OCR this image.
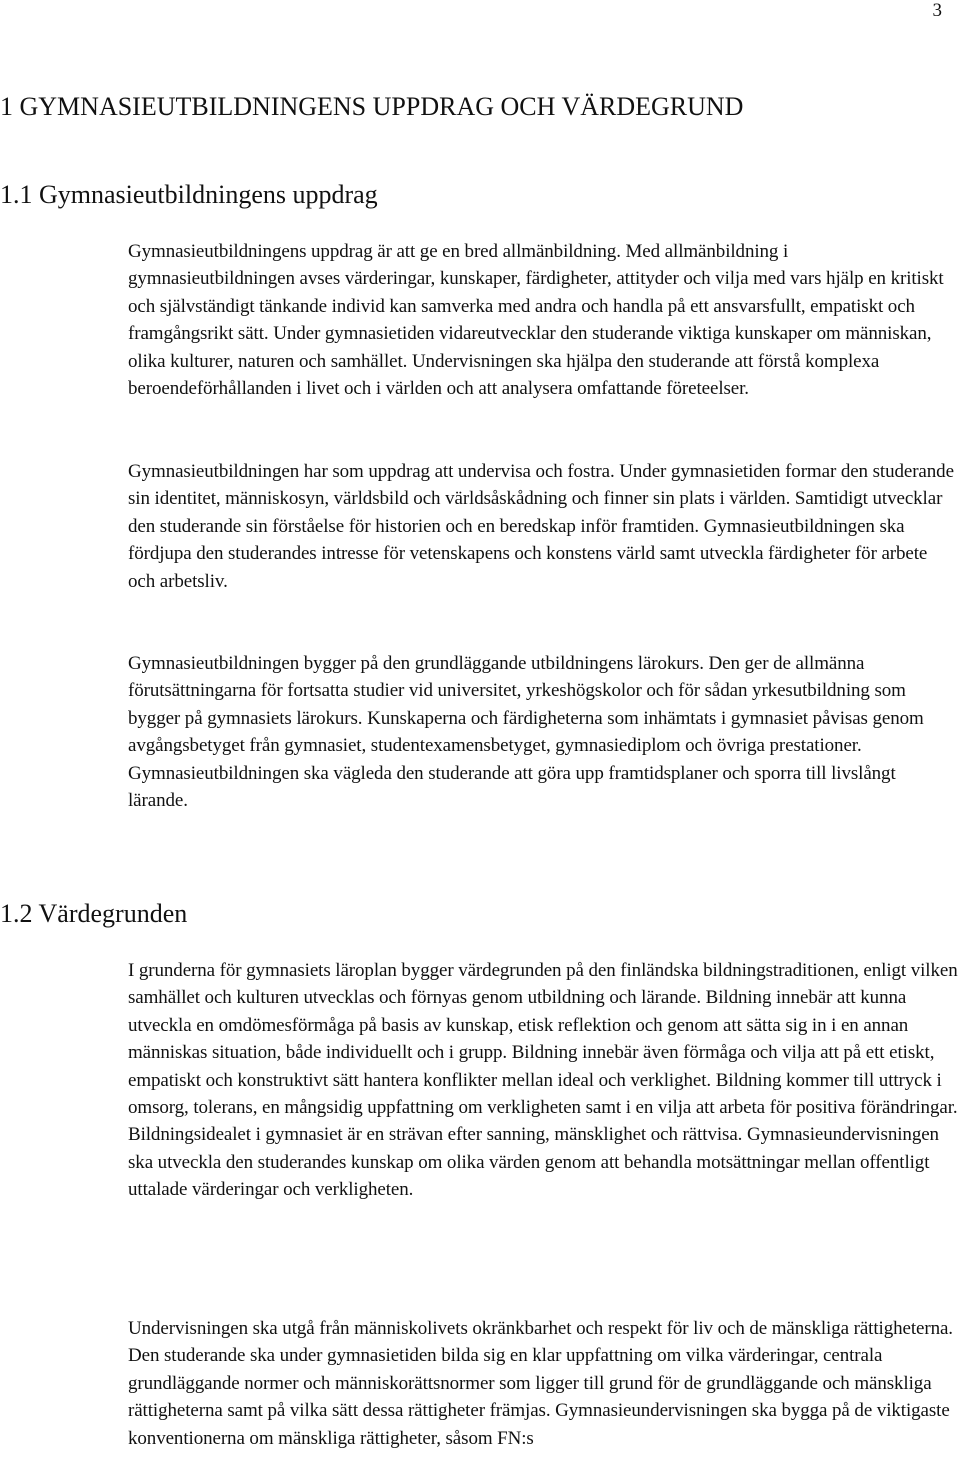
3
1 GYMNASIEUTBILDNINGENS UPPDRAG OCH VÄRDEGRUND
1.1 Gymnasieutbildningens uppdrag

Gymnasieutbildningens uppdrag är att ge en bred allmänbildning. Med allmänbildning i gymnasieutbildningen avses värderingar, kunskaper, färdigheter, attityder och vilja med vars hjälp en kritiskt och självständigt tänkande individ kan samverka med andra och handla på ett ansvarsfullt, empatiskt och framgångsrikt sätt. Under gymnasietiden vidareutvecklar den studerande viktiga kunskaper om människan, olika kulturer, naturen och samhället. Undervisningen ska hjälpa den studerande att förstå komplexa beroendeförhållanden i livet och i världen och att analysera omfattande företeelser.

Gymnasieutbildningen har som uppdrag att undervisa och fostra. Under gymnasietiden formar den studerande sin identitet, människosyn, världsbild och världsåskådning och finner sin plats i världen. Samtidigt utvecklar den studerande sin förståelse för historien och en beredskap inför framtiden. Gymnasieutbildningen ska fördjupa den studerandes intresse för vetenskapens och konstens värld samt utveckla färdigheter för arbete och arbetsliv.

Gymnasieutbildningen bygger på den grundläggande utbildningens lärokurs. Den ger de allmänna förutsättningarna för fortsatta studier vid universitet, yrkeshögskolor och för sådan yrkesutbildning som bygger på gymnasiets lärokurs. Kunskaperna och färdigheterna som inhämtats i gymnasiet påvisas genom avgångsbetyget från gymnasiet, studentexamensbetyget, gymnasiediplom och övriga prestationer. Gymnasieutbildningen ska vägleda den studerande att göra upp framtidsplaner och sporra till livslångt lärande.

1.2 Värdegrunden

I grunderna för gymnasiets läroplan bygger värdegrunden på den finländska bildningstraditionen, enligt vilken samhället och kulturen utvecklas och förnyas genom utbildning och lärande. Bildning innebär att kunna utveckla en omdömesförmåga på basis av kunskap, etisk reflektion och genom att sätta sig in i en annan människas situation, både individuellt och i grupp. Bildning innebär även förmåga och vilja att på ett etiskt, empatiskt och konstruktivt sätt hantera konflikter mellan ideal och verklighet. Bildning kommer till uttryck i omsorg, tolerans, en mångsidig uppfattning om verkligheten samt i en vilja att arbeta för positiva förändringar. Bildningsidealet i gymnasiet är en strävan efter sanning, mänsklighet och rättvisa. Gymnasieundervisningen ska utveckla den studerandes kunskap om olika värden genom att behandla motsättningar mellan offentligt uttalade värderingar och verkligheten.

Undervisningen ska utgå från människolivets okränkbarhet och respekt för liv och de mänskliga rättigheterna. Den studerande ska under gymnasietiden bilda sig en klar uppfattning om vilka värderingar, centrala grundläggande normer och människorättsnormer som ligger till grund för de grundläggande och mänskliga rättigheterna samt på vilka sätt dessa rättigheter främjas. Gymnasieundervisningen ska bygga på de viktigaste konventionerna om mänskliga rättigheter, såsom FN:s
